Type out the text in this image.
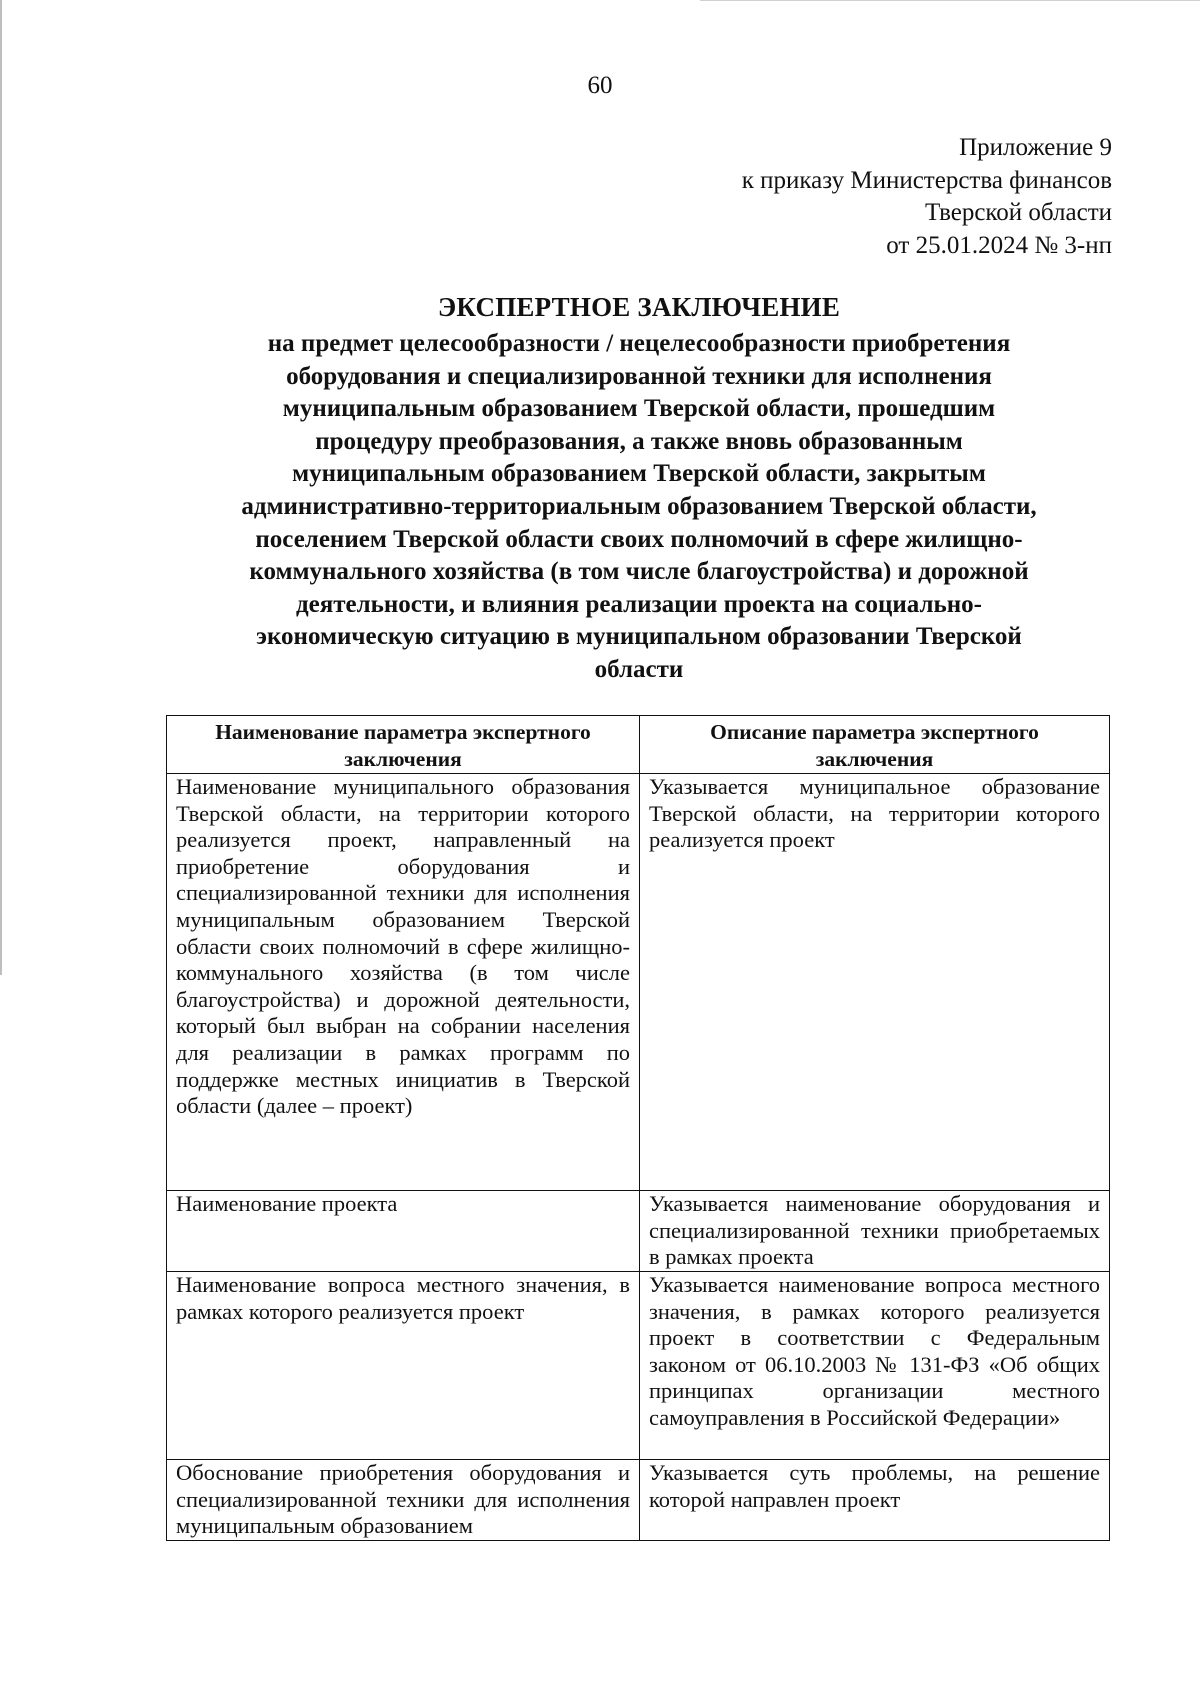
60
Приложение 9
к приказу Министерства финансов
Тверской области
от 25.01.2024 № 3-нп
ЭКСПЕРТНОЕ ЗАКЛЮЧЕНИЕ
на предмет целесообразности / нецелесообразности приобретения
оборудования и специализированной техники для исполнения
муниципальным образованием Тверской области, прошедшим
процедуру преобразования, а также вновь образованным
муниципальным образованием Тверской области, закрытым
административно-территориальным образованием Тверской области,
поселением Тверской области своих полномочий в сфере жилищно-
коммунального хозяйства (в том числе благоустройства) и дорожной
деятельности, и влияния реализации проекта на социально-
экономическую ситуацию в муниципальном образовании Тверской
области
Наименование параметра экспертного заключения	Описание параметра экспертного заключения
Наименование муниципального образования Тверской области, на территории которого реализуется проект, направленный на приобретение оборудования и специализированной техники для исполнения муниципальным образованием Тверской области своих полномочий в сфере жилищно-коммунального хозяйства (в том числе благоустройства) и дорожной деятельности, который был выбран на собрании населения для реализации в рамках программ по поддержке местных инициатив в Тверской области (далее – проект)	Указывается муниципальное образование Тверской области, на территории которого реализуется проект
Наименование проекта	Указывается наименование оборудования и специализированной техники приобретаемых в рамках проекта
Наименование вопроса местного значения, в рамках которого реализуется проект	Указывается наименование вопроса местного значения, в рамках которого реализуется проект в соответствии с Федеральным законом от 06.10.2003 № 131-ФЗ «Об общих принципах организации местного самоуправления в Российской Федерации»
Обоснование приобретения оборудования и специализированной техники для исполнения муниципальным образованием	Указывается суть проблемы, на решение которой направлен проект
